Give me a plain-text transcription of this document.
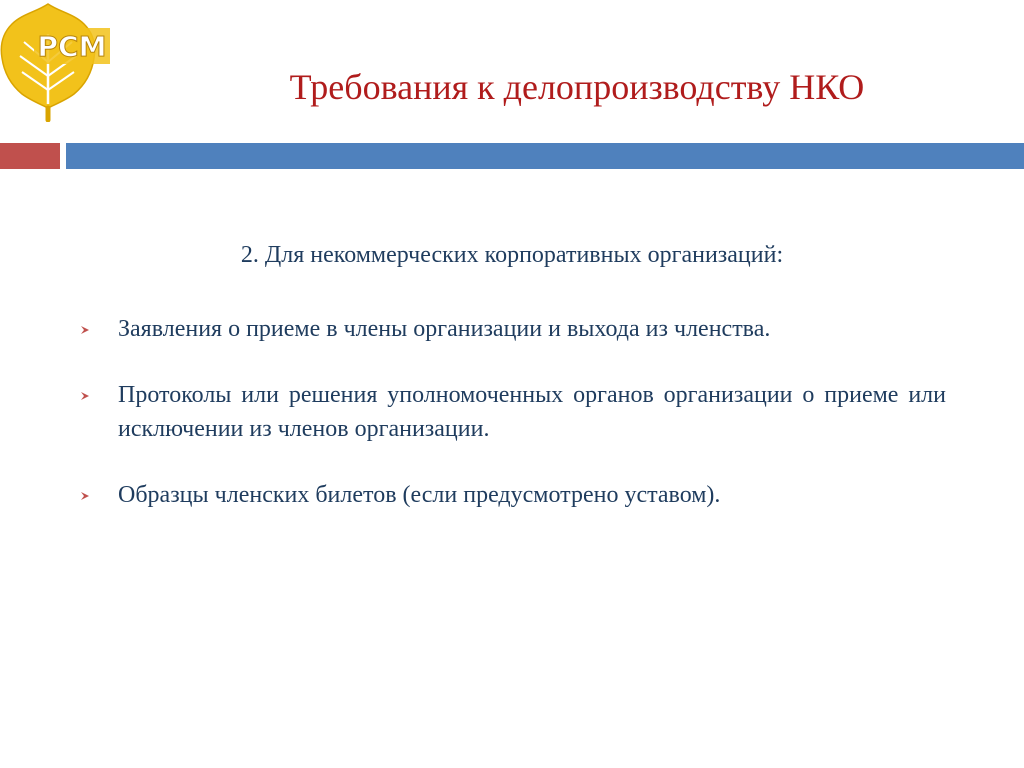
РСМ
Требования к делопроизводству НКО
2. Для некоммерческих корпоративных организаций:
Заявления о приеме в члены организации и выхода из членства.
Протоколы или решения уполномоченных органов организации о приеме или исключении из членов организации.
Образцы членских билетов (если предусмотрено уставом).
